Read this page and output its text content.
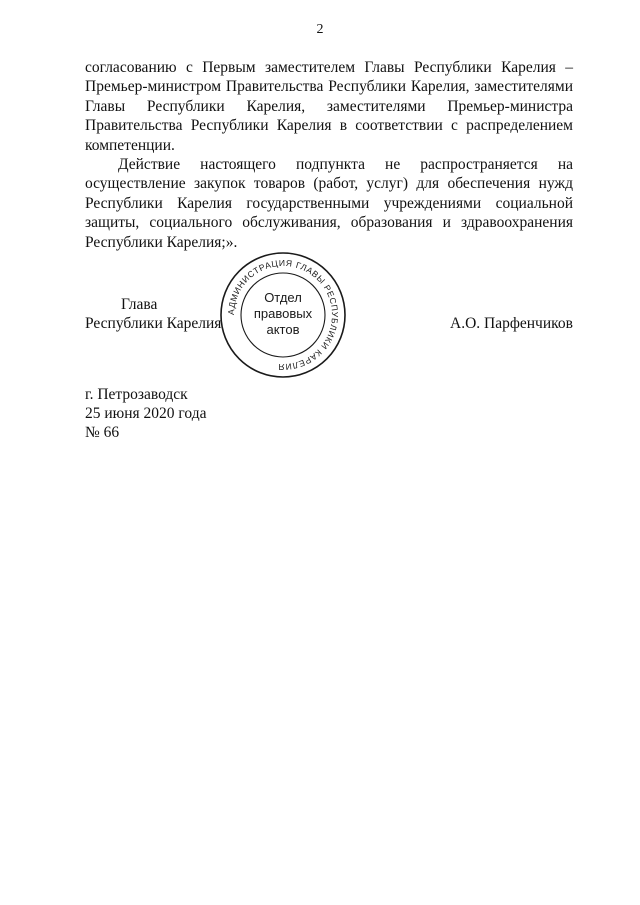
2

согласованию с Первым заместителем Главы Республики Карелия – Премьер-министром Правительства Республики Карелия, заместителями Главы Республики Карелия, заместителями Премьер-министра Правительства Республики Карелия в соответствии с распределением компетенции.

Действие настоящего подпункта не распространяется на осуществление закупок товаров (работ, услуг) для обеспечения нужд Республики Карелия государственными учреждениями социальной защиты, социального обслуживания, образования и здравоохранения Республики Карелия;».

Глава
Республики Карелия
АДМИНИСТРАЦИЯ ГЛАВЫ РЕСПУБЛИКИ КАРЕЛИЯ
Отдел
правовых
актов	А.О. Парфенчиков
г. Петрозаводск
25 июня 2020 года
№ 66
